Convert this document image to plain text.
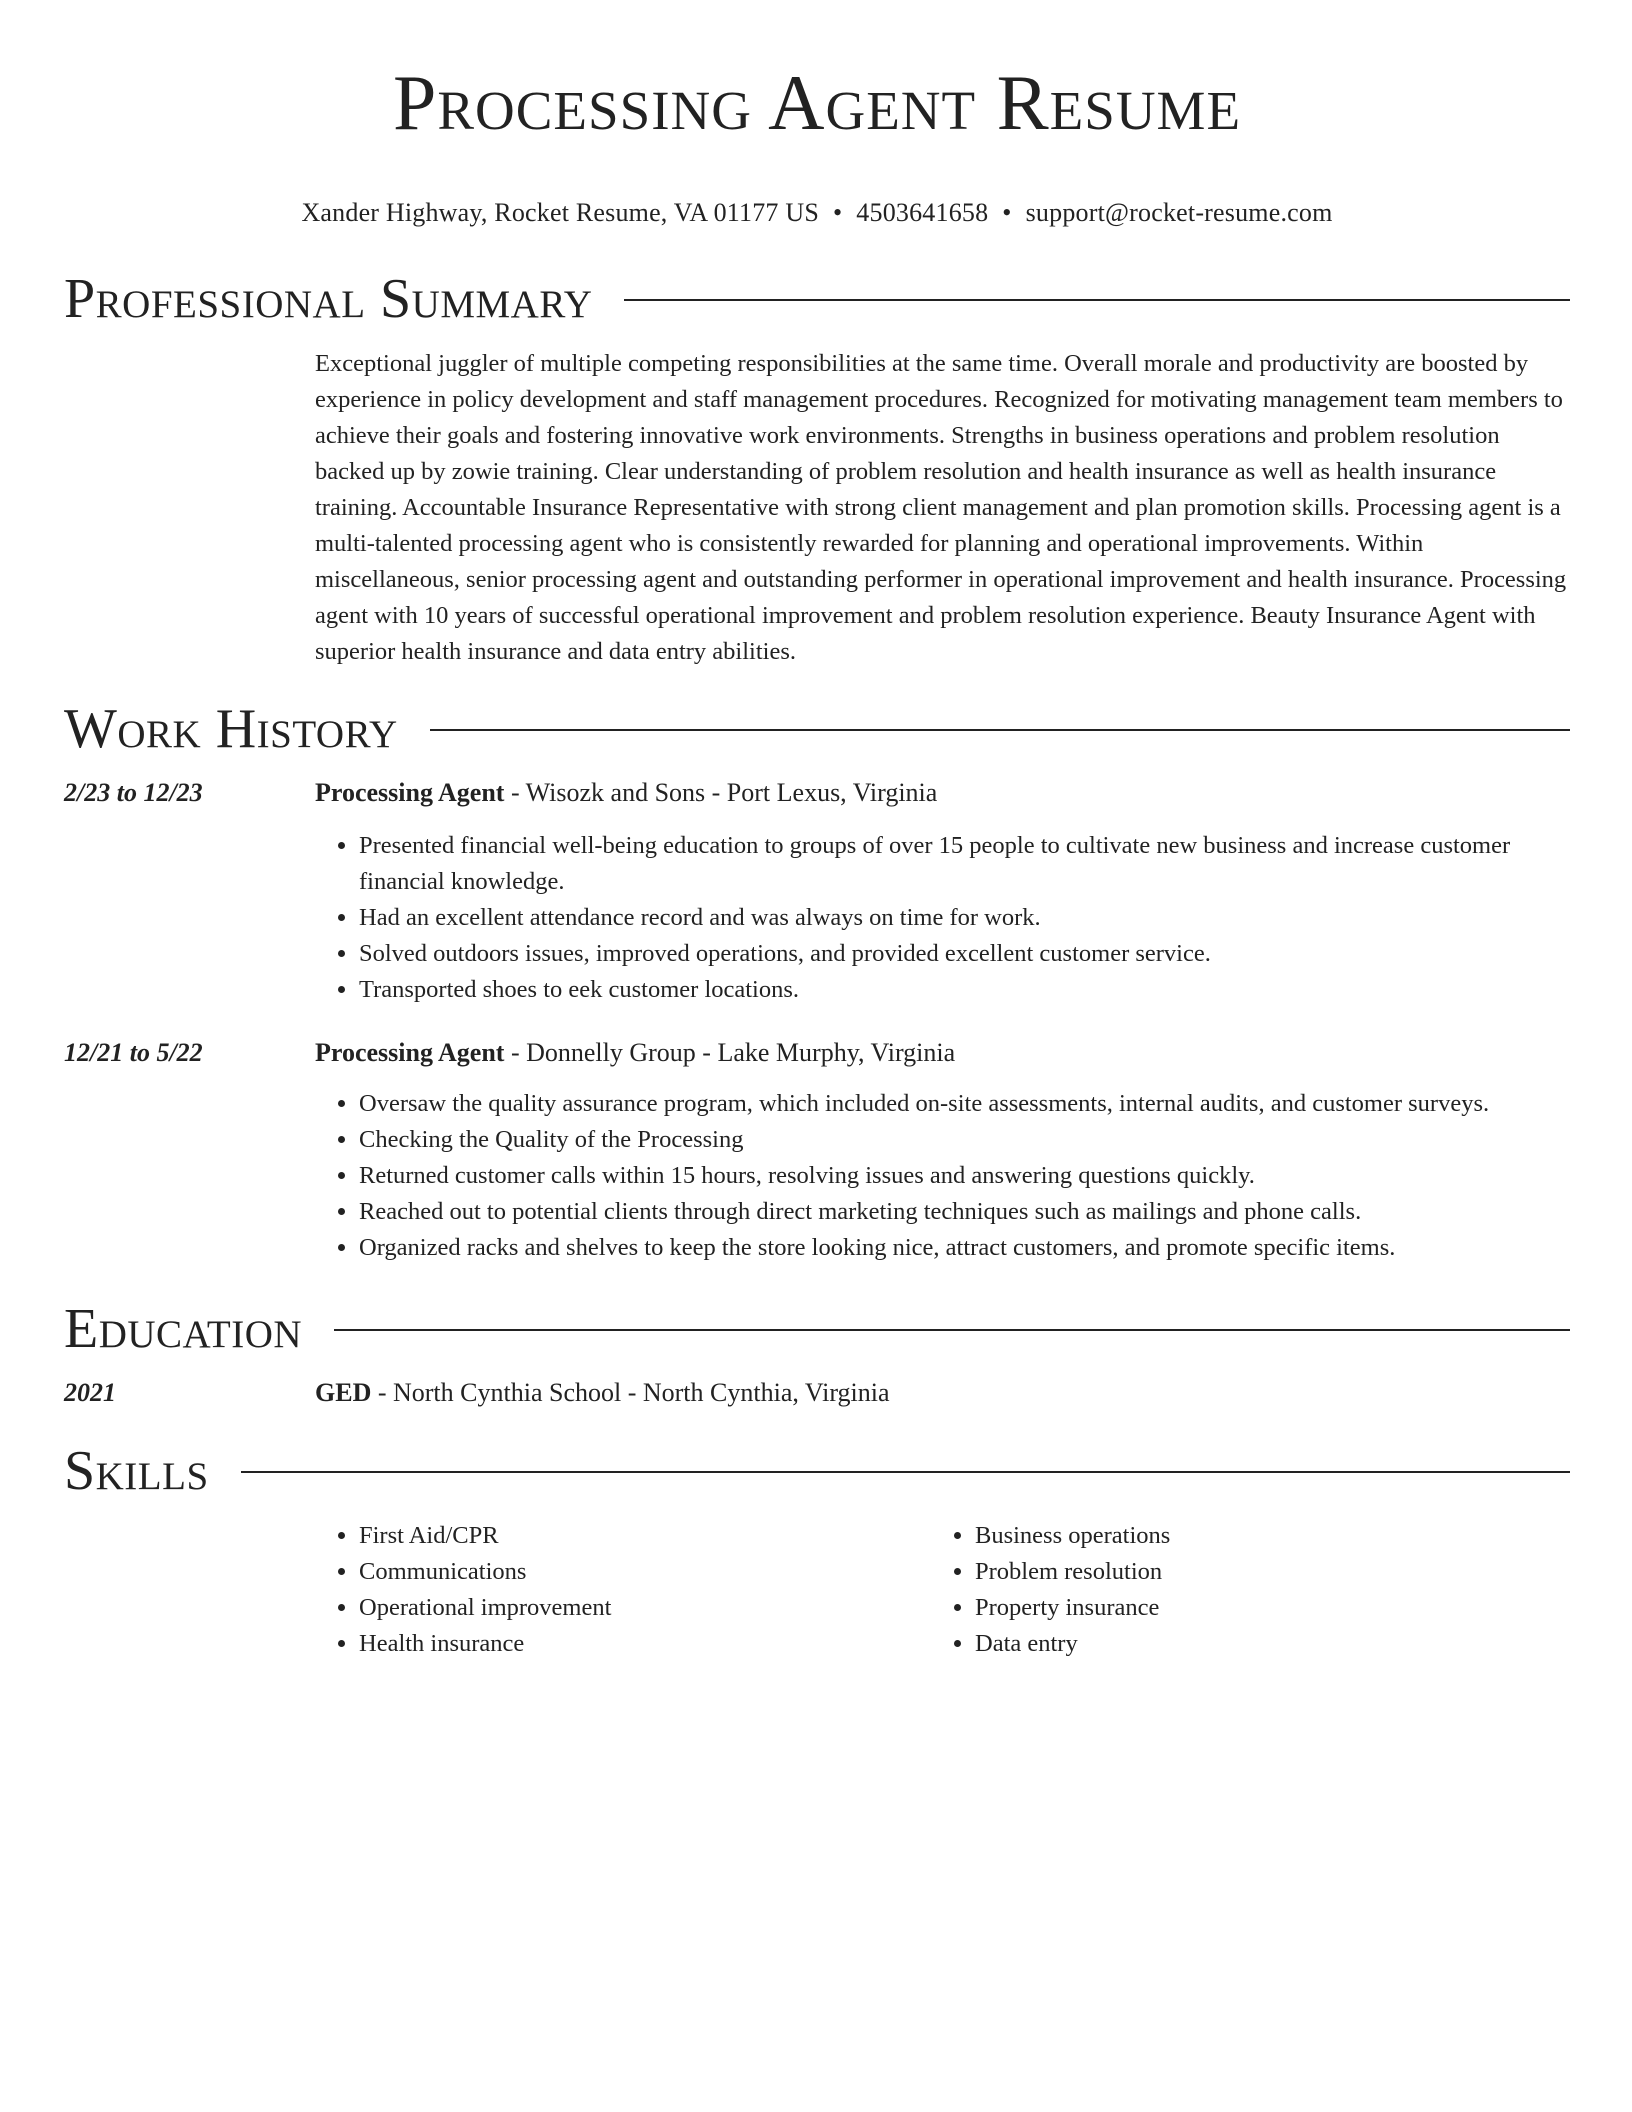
Processing Agent Resume
Xander Highway, Rocket Resume, VA 01177 US • 4503641658 • support@rocket-resume.com
Professional Summary

Exceptional juggler of multiple competing responsibilities at the same time. Overall morale and productivity are boosted by experience in policy development and staff management procedures. Recognized for motivating management team members to achieve their goals and fostering innovative work environments. Strengths in business operations and problem resolution backed up by zowie training. Clear understanding of problem resolution and health insurance as well as health insurance training. Accountable Insurance Representative with strong client management and plan promotion skills. Processing agent is a multi-talented processing agent who is consistently rewarded for planning and operational improvements. Within miscellaneous, senior processing agent and outstanding performer in operational improvement and health insurance. Processing agent with 10 years of successful operational improvement and problem resolution experience. Beauty Insurance Agent with superior health insurance and data entry abilities.

Work History
2/23 to 12/23	Processing Agent - Wisozk and Sons - Port Lexus, Virginia
• Presented financial well-being education to groups of over 15 people to cultivate new business and increase customer financial knowledge.
• Had an excellent attendance record and was always on time for work.
• Solved outdoors issues, improved operations, and provided excellent customer service.
• Transported shoes to eek customer locations.
12/21 to 5/22	Processing Agent - Donnelly Group - Lake Murphy, Virginia
• Oversaw the quality assurance program, which included on-site assessments, internal audits, and customer surveys.
• Checking the Quality of the Processing
• Returned customer calls within 15 hours, resolving issues and answering questions quickly.
• Reached out to potential clients through direct marketing techniques such as mailings and phone calls.
• Organized racks and shelves to keep the store looking nice, attract customers, and promote specific items.
Education
2021	GED - North Cynthia School - North Cynthia, Virginia
Skills
• First Aid/CPR
• Communications
• Operational improvement
• Health insurance
• Business operations
• Problem resolution
• Property insurance
• Data entry
